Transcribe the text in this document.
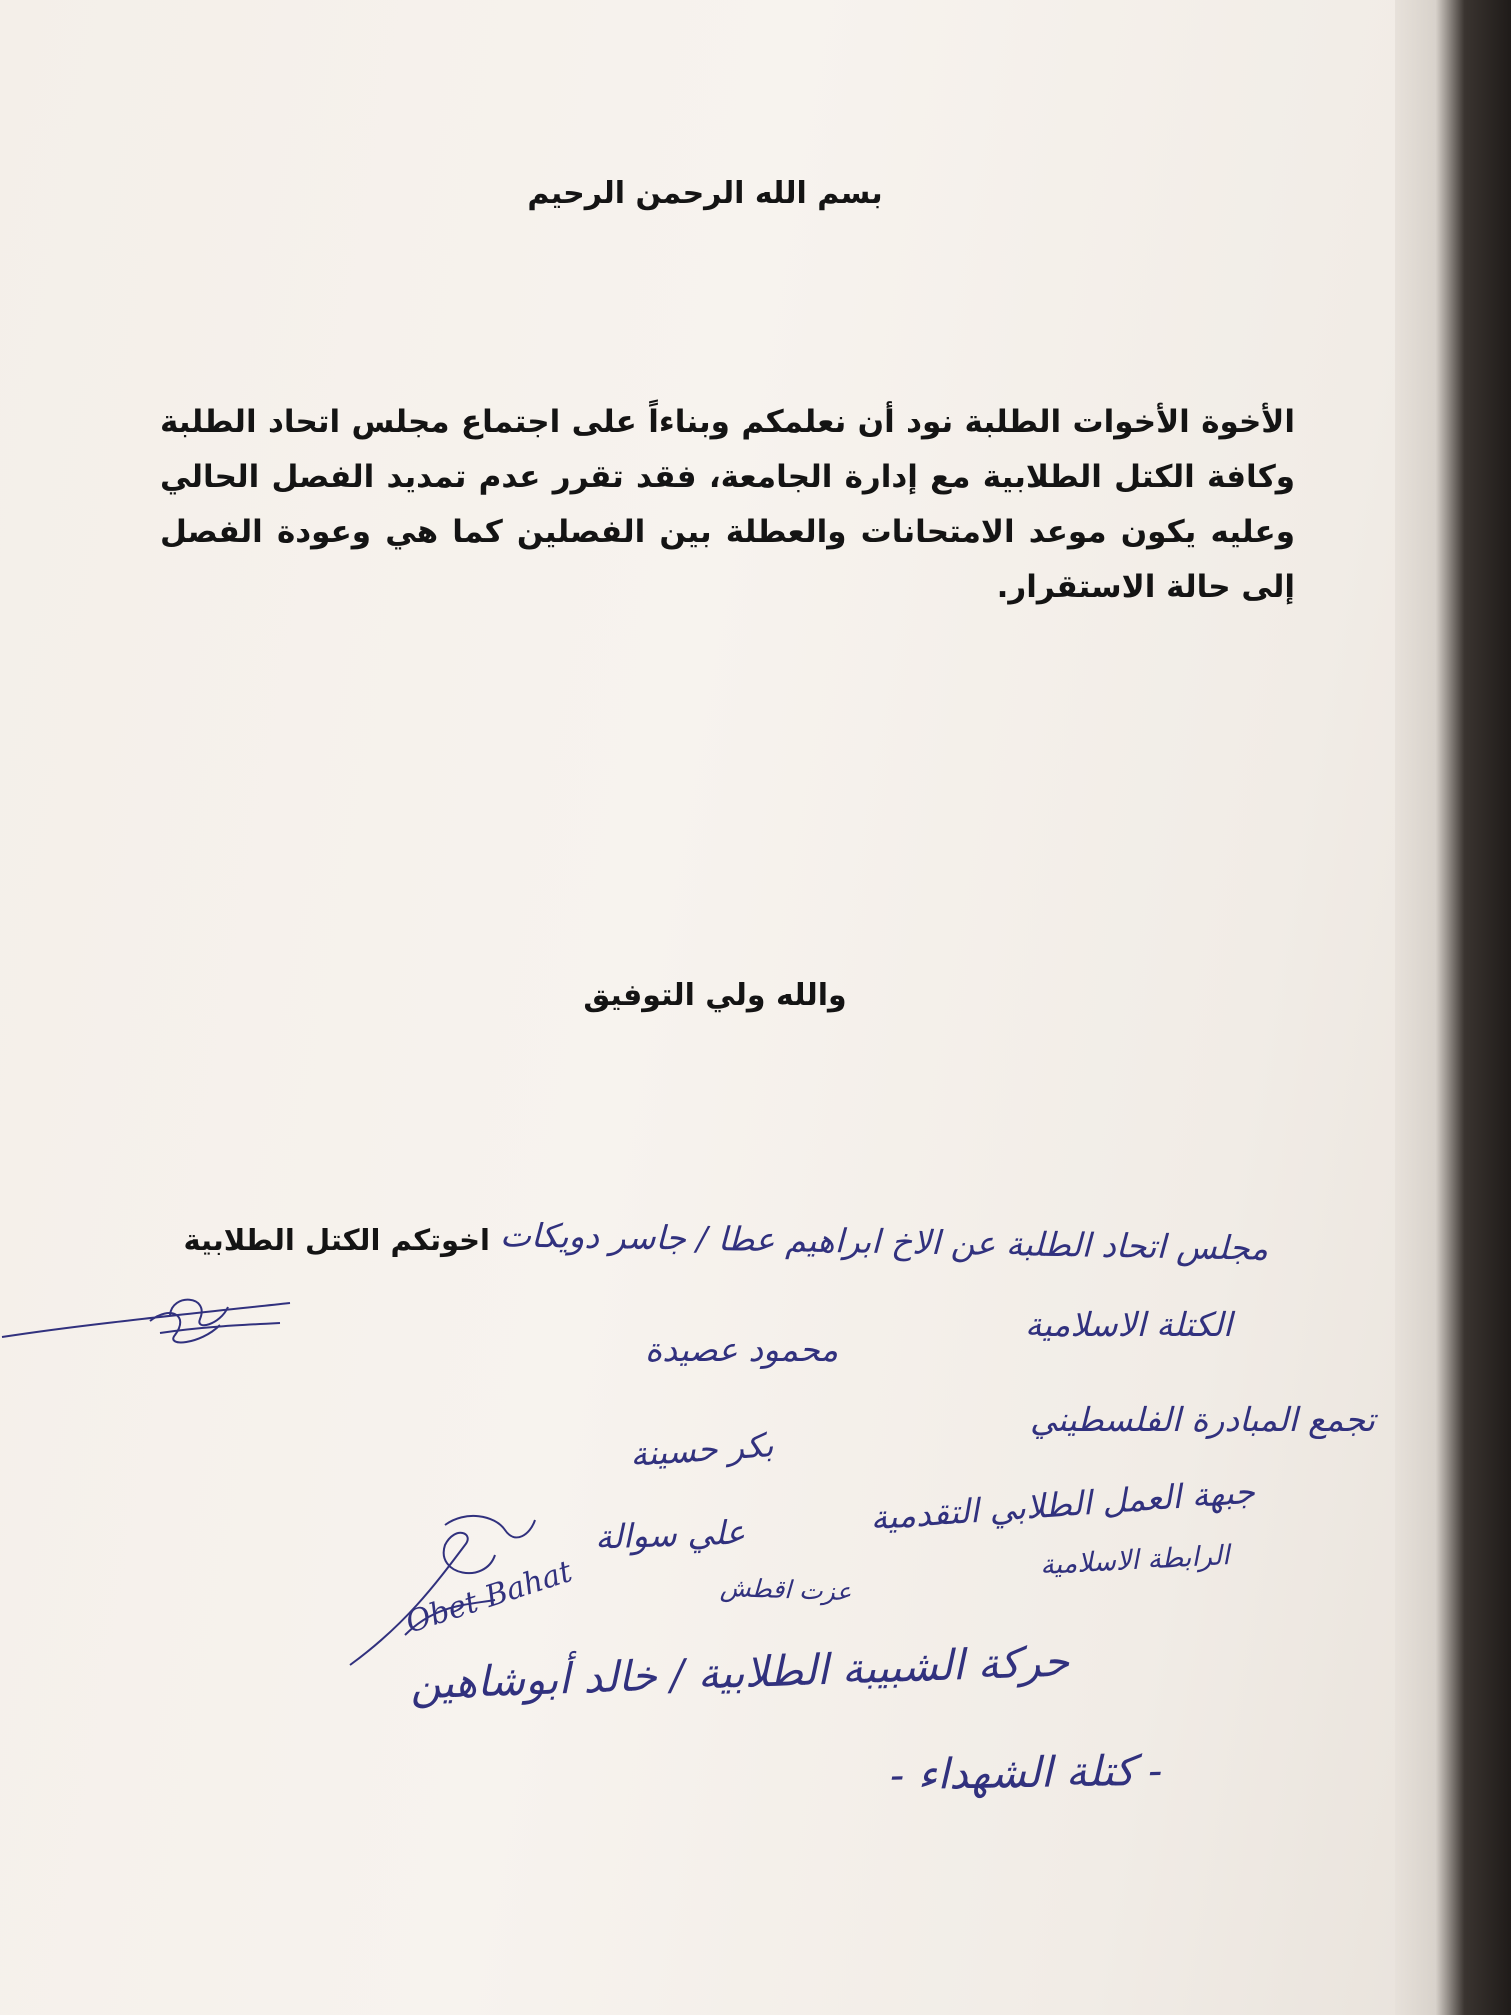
بسم الله الرحمن الرحيم
الأخوة الأخوات الطلبة نود أن نعلمكم وبناءاً على اجتماع مجلس اتحاد الطلبة وكافة الكتل الطلابية مع إدارة الجامعة، فقد تقرر عدم تمديد الفصل الحالي وعليه يكون موعد الامتحانات والعطلة بين الفصلين كما هي وعودة الفصل إلى حالة الاستقرار.
والله ولي التوفيق
اخوتكم الكتل الطلابية مجلس اتحاد الطلبة عن الاخ ابراهيم عطا / جاسر دويكات
الكتلة الاسلامية
محمود عصيدة
تجمع المبادرة الفلسطيني
بكر حسينة
جبهة العمل الطلابي التقدمية
علي سوالة
الرابطة الاسلامية
عزت اقطش
حركة الشبيبة الطلابية / خالد أبوشاهين
- كتلة الشهداء -
Obet Bahat
